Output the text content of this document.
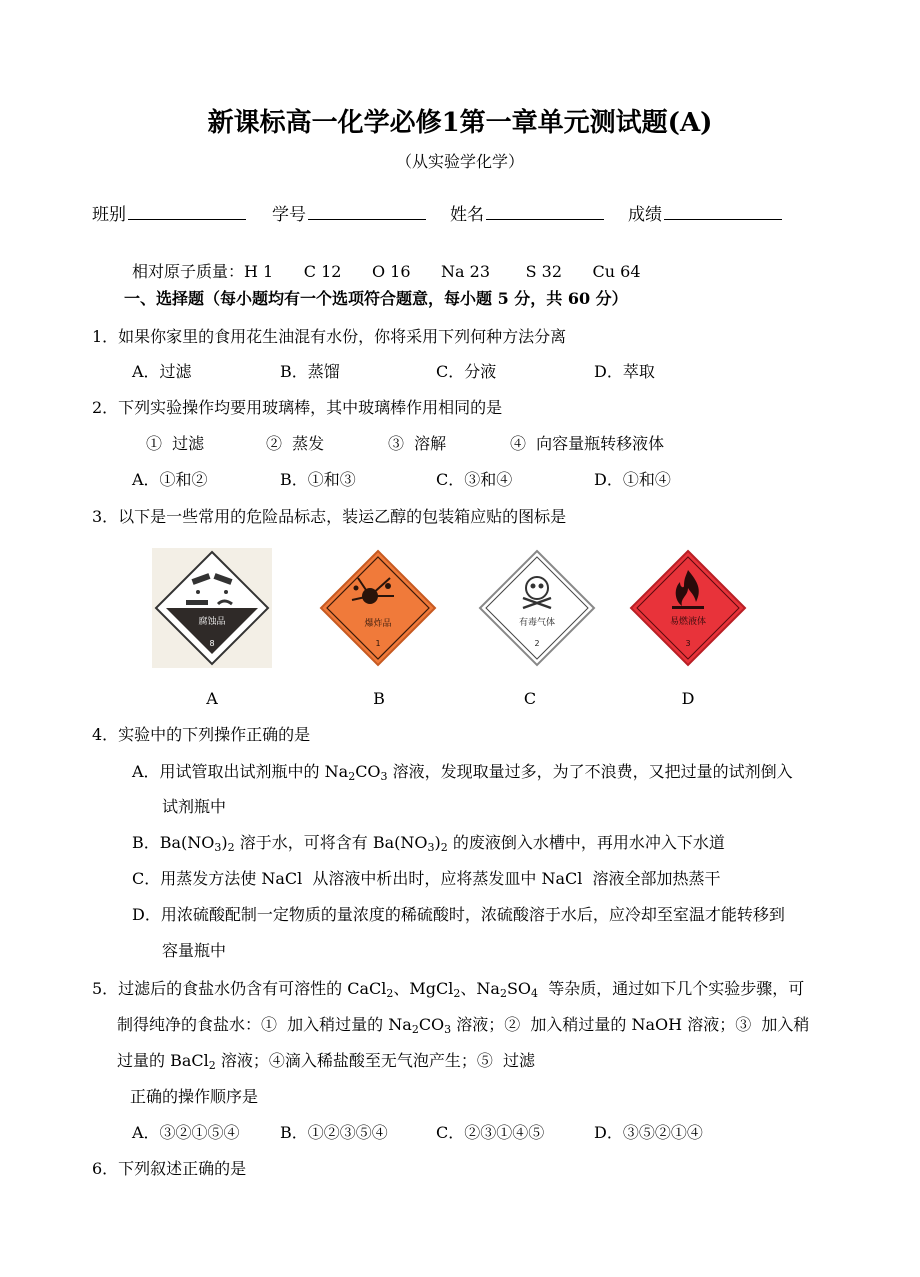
新课标高一化学必修1第一章单元测试题(A)
（从实验学化学）
班别	学号	姓名	成绩
相对原子质量：H 1      C 12      O 16      Na 23       S 32      Cu 64
一、选择题（每小题均有一个选项符合题意，每小题 5 分，共 60 分）
1．如果你家里的食用花生油混有水份，你将采用下列何种方法分离
A．过滤	B．蒸馏	C．分液	D．萃取
2．下列实验操作均要用玻璃棒，其中玻璃棒作用相同的是
①  过滤	②  蒸发	③  溶解	④  向容量瓶转移液体
A．①和②	B．①和③	C．③和④	D．①和④
3．以下是一些常用的危险品标志，装运乙醇的包装箱应贴的图标是
腐蚀品
8
爆炸品
1
有毒气体
2
易燃液体
3
A	B	C	D
4．实验中的下列操作正确的是
A．用试管取出试剂瓶中的 $Na_2CO_3$ 溶液，发现取量过多，为了不浪费，又把过量的试剂倒入
试剂瓶中
B．$Ba(NO_3)_2$ 溶于水，可将含有 $Ba(NO_3)_2$ 的废液倒入水槽中，再用水冲入下水道
C．用蒸发方法使 NaCl  从溶液中析出时，应将蒸发皿中 NaCl  溶液全部加热蒸干
D．用浓硫酸配制一定物质的量浓度的稀硫酸时，浓硫酸溶于水后，应冷却至室温才能转移到
容量瓶中
5．过滤后的食盐水仍含有可溶性的 CaCl$_2$、MgCl$_2$、$Na_2SO_4$  等杂质，通过如下几个实验步骤，可
制得纯净的食盐水：①  加入稍过量的 $Na_2CO_3$ 溶液；②  加入稍过量的 NaOH 溶液；③  加入稍
过量的 BaCl$_2$ 溶液；④滴入稀盐酸至无气泡产生；⑤  过滤
正确的操作顺序是
A．③②①⑤④	B．①②③⑤④	C．②③①④⑤	D．③⑤②①④
6．下列叙述正确的是
